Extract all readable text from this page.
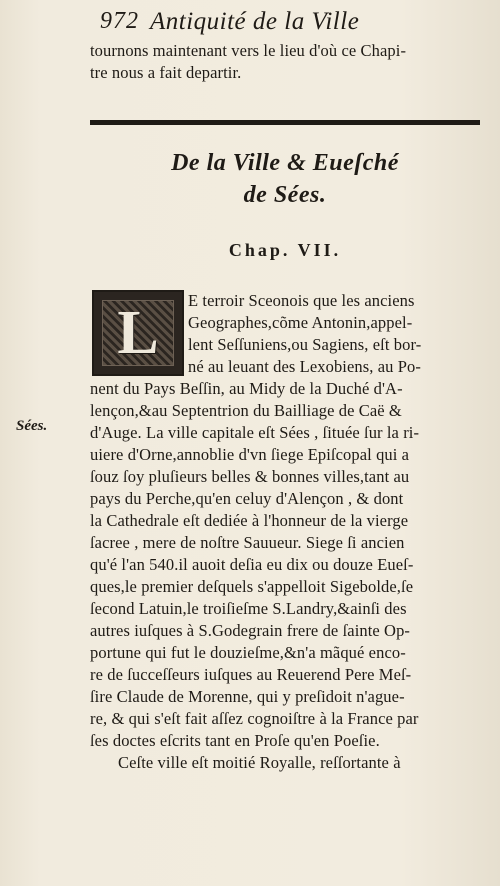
972 Antiquité de la Ville
tournons maintenant vers le lieu d'où ce Chapi-
tre nous a fait departir.
De la Ville & Eueſché
de Sées.
Chap. VII.
L
Sées.
E terroir Sceonois que les anciens
Geographes,cõme Antonin,appel-
lent Seſſuniens,ou Sagiens, eſt bor-
né au leuant des Lexobiens, au Po-
nent du Pays Beſſin, au Midy de la Duché d'A-
lençon,&au Septentrion du Bailliage de Caë &
d'Auge. La ville capitale eſt Sées , ſituée ſur la ri-
uiere d'Orne,annoblie d'vn ſiege Epiſcopal qui a
ſouz ſoy pluſieurs belles & bonnes villes,tant au
pays du Perche,qu'en celuy d'Alençon , & dont
la Cathedrale eſt dediée à l'honneur de la vierge
ſacree , mere de noſtre Sauueur. Siege ſi ancien
qu'é l'an 540.il auoit deſia eu dix ou douze Eueſ-
ques,le premier deſquels s'appelloit Sigebolde,ſe
ſecond Latuin,le troiſieſme S.Landry,&ainſi des
autres iuſques à S.Godegrain frere de ſainte Op-
portune qui fut le douzieſme,&n'a mãqué enco-
re de ſucceſſeurs iuſques au Reuerend Pere Meſ-
ſire Claude de Morenne, qui y preſidoit n'ague-
re, & qui s'eſt fait aſſez cognoiſtre à la France par
ſes doctes eſcrits tant en Proſe qu'en Poeſie.
Ceſte ville eſt moitié Royalle, reſſortante à
